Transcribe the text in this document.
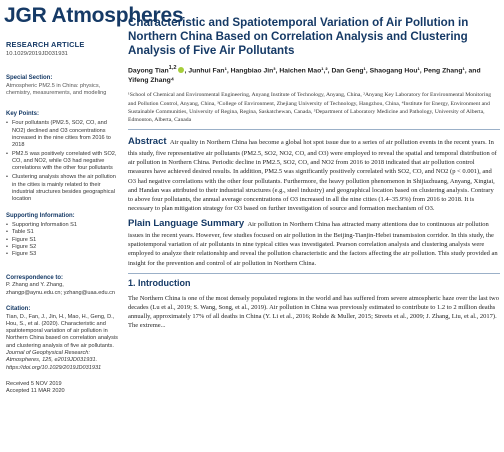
JGR Atmospheres
RESEARCH ARTICLE
10.1029/2019JD031931
Special Section:
Atmospheric PM2.5 in China: physics, chemistry, measurements, and modeling
Key Points:
• Four pollutants (PM2.5, SO2, CO, and NO2) declined and O3 concentrations increased in the nine cities from 2016 to 2018
• PM2.5 was positively correlated with SO2, CO, and NO2, while O3 had negative correlations with the other four pollutants
• Clustering analysis shows the air pollution in the cities is mainly related to their industrial structures besides geographical location
Supporting Information:
• Supporting Information S1
• Table S1
• Figure S1
• Figure S2
• Figure S3
Correspondence to:
P. Zhang and Y. Zhang, zhangp@aynu.edu.cn; yzhang@uaa.edu.cn
Citation:
Tian, D., Fan, J., Jin, H., Mao, H., Geng, D., Hou, S., et al. (2020). Characteristic and spatiotemporal variation of air pollution in Northern China based on correlation analysis and clustering analysis of five air pollutants. Journal of Geophysical Research: Atmospheres, 125, e2019JD031931. https://doi.org/10.1029/2019JD031931
Received 5 NOV 2019
Accepted 11 MAR 2020
Characteristic and Spatiotemporal Variation of Air Pollution in Northern China Based on Correlation Analysis and Clustering Analysis of Five Air Pollutants
Dayong Tian$^{1,2}$ , Junhui Fan¹, Hangbiao Jin³, Haichen Mao¹,², Dan Geng¹, Shaogang Hou¹, Peng Zhang¹, and Yifeng Zhang⁴
¹School of Chemical and Environmental Engineering, Anyang Institute of Technology, Anyang, China, ²Anyang Key Laboratory for Environmental Monitoring and Pollution Control, Anyang, China, ³College of Environment, Zhejiang University of Technology, Hangzhou, China, ⁴Institute for Energy, Environment and Sustainable Communities, University of Regina, Regina, Saskatchewan, Canada, ⁵Department of Laboratory Medicine and Pathology, University of Alberta, Edmonton, Alberta, Canada
Abstract Air quality in Northern China has become a global hot spot issue due to a series of air pollution events in the recent years. In this study, five representative air pollutants (PM2.5, SO2, NO2, CO, and O3) were employed to reveal the spatial and temporal distribution of air pollution in Northern China. Periodic decline in PM2.5, SO2, CO, and NO2 from 2016 to 2018 indicated that air pollution control measures have achieved desired results. In addition, PM2.5 was significantly positively correlated with SO2, CO, and NO2 (p < 0.001), and O3 had negative correlations with the other four pollutants. Furthermore, the heavy pollution phenomenon in Shijiazhuang, Anyang, Xingtai, and Handan was attributed to their industrial structures (e.g., steel industry) and geographical location based on clustering analysis. Contrary to above four pollutants, the annual average concentrations of O3 increased in all the nine cities (1.4–35.9%) from 2016 to 2018. It is necessary to plan mitigation strategy for O3 based on further investigation of source and formation mechanism of O3.
Plain Language Summary Air pollution in Northern China has attracted many attentions due to continuous air pollution issues in the recent years. However, few studies focused on air pollution in the Beijing-Tianjin-Hebei transmission corridor. In this study, the spatiotemporal variation of air pollutants in nine typical cities was investigated. Pearson correlation analysis and clustering analysis were employed to analyze their relationship and reveal the pollution characteristic and the factors affecting the air pollution. This study provided an insight for the prevention and control of air pollution in Northern China.
1. Introduction
The Northern China is one of the most densely populated regions in the world and has suffered from severe atmospheric haze over the last two decades (Lu et al., 2019; S. Wang, Song, et al., 2019). Air pollution in China was previously estimated to contribute to 1.2 to 2 million deaths annually, approximately 17% of all deaths in China (Y. Li et al., 2016; Rohde & Muller, 2015; Streets et al., 2009; J. Zhang, Liu, et al., 2017). The extreme...
